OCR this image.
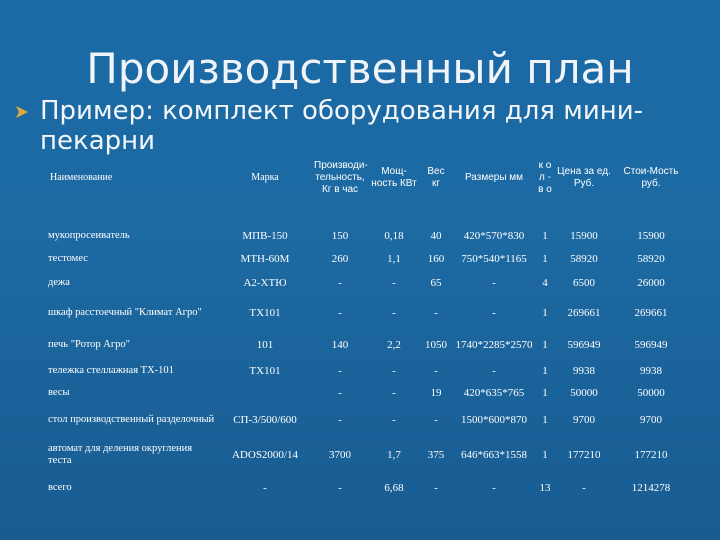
Производственный план
Пример: комплект оборудования для мини-пекарни
Наименование	Марка	Производи-тельность, Кг в час	Мощ-ность КВт	Вес кг	Размеры мм	к о л - в о	Цена за ед. Руб.	Стои-Мость руб.
мукопросеиватель	МПВ-150	150	0,18	40	420*570*830	1	15900	15900
тестомес	МТН-60М	260	1,1	160	750*540*1165	1	58920	58920
дежа	А2-ХТЮ	-	-	65	-	4	6500	26000
шкаф расстоечный "Климат Агро"	ТХ101	-	-	-	-	1	269661	269661
печь "Ротор Агро"	101	140	2,2	1050	1740*2285*2570	1	596949	596949
тележка стеллажная ТХ-101	ТХ101	-	-	-	-	1	9938	9938
весы		-	-	19	420*635*765	1	50000	50000
стол производственный разделочный	СП-3/500/600	-	-	-	1500*600*870	1	9700	9700
автомат для деления округления теста	ADOS2000/14	3700	1,7	375	646*663*1558	1	177210	177210
всего	-	-	6,68	-	-	13	-	1214278
